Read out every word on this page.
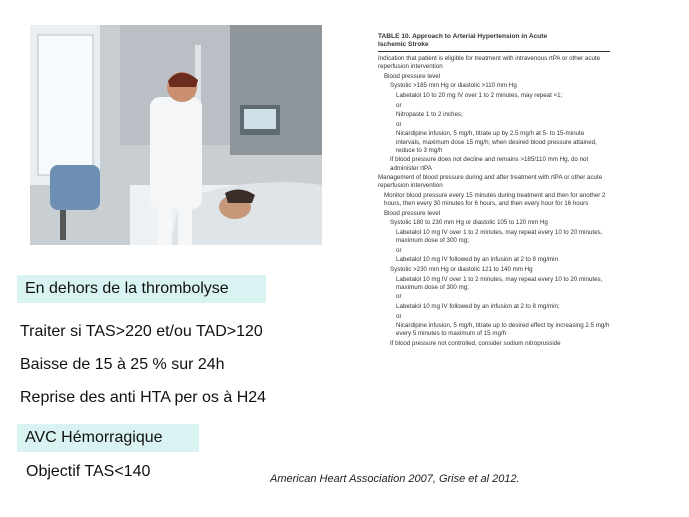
TABLE 10. Approach to Arterial Hypertension in Acute
Ischemic Stroke

Indication that patient is eligible for treatment with intravenous rtPA or other acute reperfusion intervention

Blood pressure level

Systolic >185 mm Hg or diastolic >110 mm Hg

Labetalol 10 to 20 mg IV over 1 to 2 minutes, may repeat ×1;

or

Nitropaste 1 to 2 inches;

or

Nicardipine infusion, 5 mg/h, titrate up by 2.5 mg/h at 5- to 15-minute intervals, maximum dose 15 mg/h; when desired blood pressure attained, reduce to 3 mg/h

If blood pressure does not decline and remains >185/110 mm Hg, do not administer rtPA

Management of blood pressure during and after treatment with rtPA or other acute reperfusion intervention

Monitor blood pressure every 15 minutes during treatment and then for another 2 hours, then every 30 minutes for 6 hours, and then every hour for 16 hours

Blood pressure level

Systolic 180 to 230 mm Hg or diastolic 105 to 120 mm Hg

Labetalol 10 mg IV over 1 to 2 minutes, may repeat every 10 to 20 minutes, maximum dose of 300 mg;

or

Labetalol 10 mg IV followed by an infusion at 2 to 8 mg/min

Systolic >230 mm Hg or diastolic 121 to 140 mm Hg

Labetalol 10 mg IV over 1 to 2 minutes, may repeat every 10 to 20 minutes, maximum dose of 300 mg;

or

Labetalol 10 mg IV followed by an infusion at 2 to 8 mg/min;

or

Nicardipine infusion, 5 mg/h, titrate up to desired effect by increasing 2.5 mg/h every 5 minutes to maximum of 15 mg/h

If blood pressure not controlled, consider sodium nitroprusside

En dehors de la thrombolyse
Traiter si TAS>220 et/ou TAD>120
Baisse de 15 à 25 % sur 24h
Reprise des anti HTA per os à H24
AVC Hémorragique
Objectif TAS<140	American Heart Association 2007, Grise et al 2012.
